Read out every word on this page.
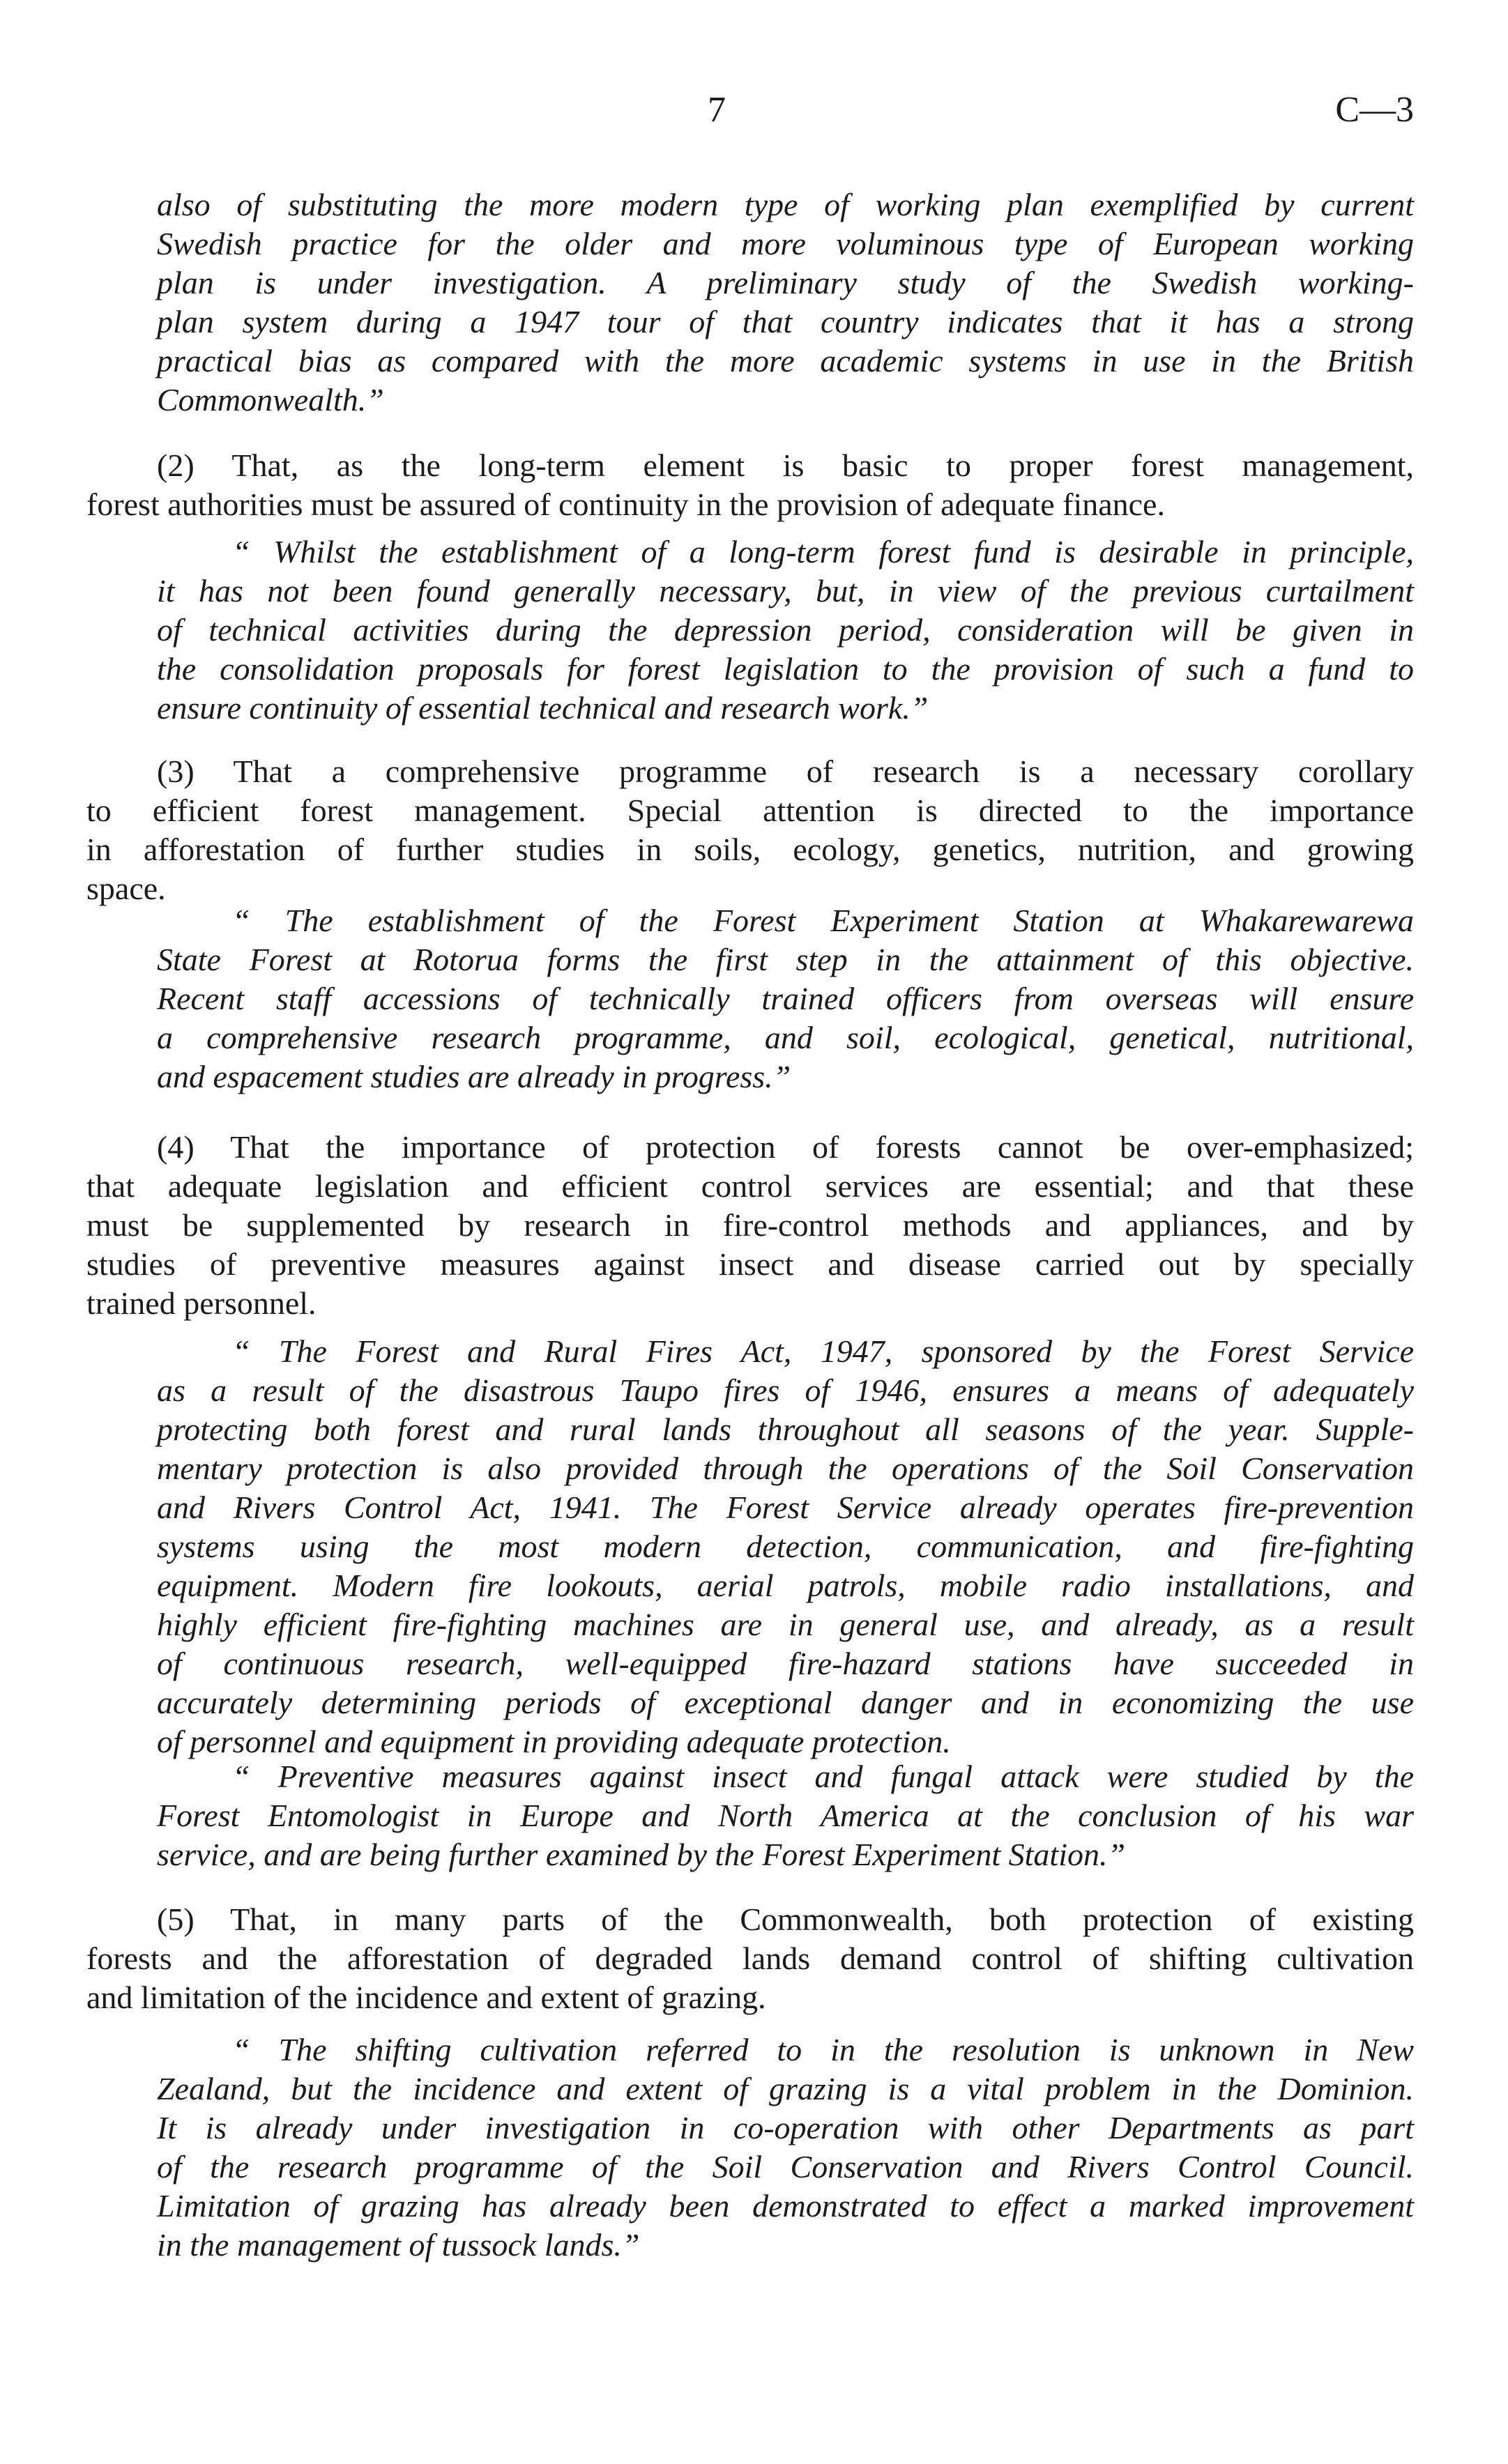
7	C—3
also of substituting the more modern type of working plan exemplified by current
Swedish practice for the older and more voluminous type of European working
plan is under investigation. A preliminary study of the Swedish working-
plan system during a 1947 tour of that country indicates that it has a strong
practical bias as compared with the more academic systems in use in the British
Commonwealth.”
(2) That, as the long-term element is basic to proper forest management,
forest authorities must be assured of continuity in the provision of adequate finance.
“ Whilst the establishment of a long-term forest fund is desirable in principle,
it has not been found generally necessary, but, in view of the previous curtailment
of technical activities during the depression period, consideration will be given in
the consolidation proposals for forest legislation to the provision of such a fund to
ensure continuity of essential technical and research work.”
(3) That a comprehensive programme of research is a necessary corollary
to efficient forest management. Special attention is directed to the importance
in afforestation of further studies in soils, ecology, genetics, nutrition, and growing
space.
“ The establishment of the Forest Experiment Station at Whakarewarewa
State Forest at Rotorua forms the first step in the attainment of this objective.
Recent staff accessions of technically trained officers from overseas will ensure
a comprehensive research programme, and soil, ecological, genetical, nutritional,
and espacement studies are already in progress.”
(4) That the importance of protection of forests cannot be over-emphasized;
that adequate legislation and efficient control services are essential; and that these
must be supplemented by research in fire-control methods and appliances, and by
studies of preventive measures against insect and disease carried out by specially
trained personnel.
“ The Forest and Rural Fires Act, 1947, sponsored by the Forest Service
as a result of the disastrous Taupo fires of 1946, ensures a means of adequately
protecting both forest and rural lands throughout all seasons of the year. Supple-
mentary protection is also provided through the operations of the Soil Conservation
and Rivers Control Act, 1941. The Forest Service already operates fire-prevention
systems using the most modern detection, communication, and fire-fighting
equipment. Modern fire lookouts, aerial patrols, mobile radio installations, and
highly efficient fire-fighting machines are in general use, and already, as a result
of continuous research, well-equipped fire-hazard stations have succeeded in
accurately determining periods of exceptional danger and in economizing the use
of personnel and equipment in providing adequate protection.
“ Preventive measures against insect and fungal attack were studied by the
Forest Entomologist in Europe and North America at the conclusion of his war
service, and are being further examined by the Forest Experiment Station.”
(5) That, in many parts of the Commonwealth, both protection of existing
forests and the afforestation of degraded lands demand control of shifting cultivation
and limitation of the incidence and extent of grazing.
“ The shifting cultivation referred to in the resolution is unknown in New
Zealand, but the incidence and extent of grazing is a vital problem in the Dominion.
It is already under investigation in co-operation with other Departments as part
of the research programme of the Soil Conservation and Rivers Control Council.
Limitation of grazing has already been demonstrated to effect a marked improvement
in the management of tussock lands.”
